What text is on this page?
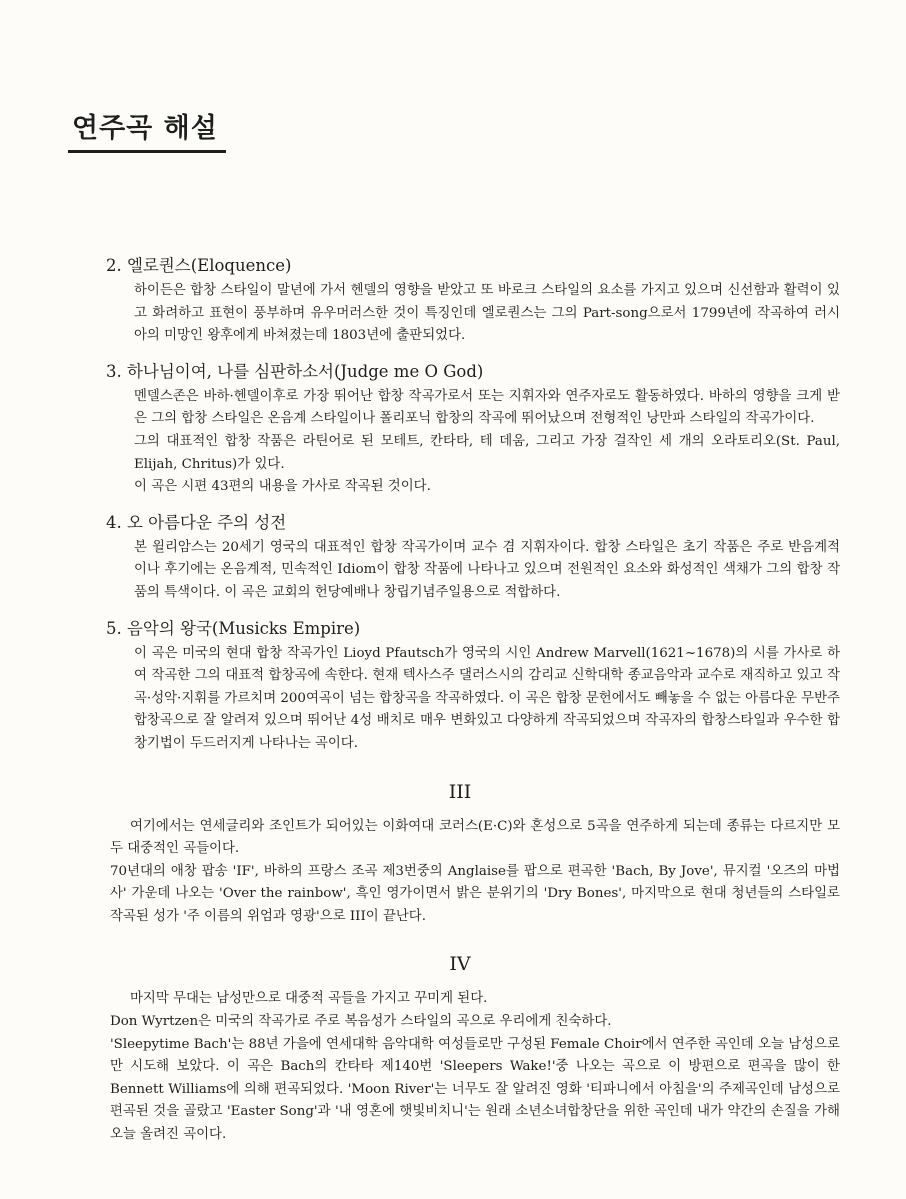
연주곡 해설
2. 엘로퀀스(Eloquence)

하이든은 합창 스타일이 말년에 가서 헨델의 영향을 받았고 또 바로크 스타일의 요소를 가지고 있으며 신선함과 활력이 있고 화려하고 표현이 풍부하며 유우머러스한 것이 특징인데 엘로퀀스는 그의 Part-song으로서 1799년에 작곡하여 러시아의 미망인 왕후에게 바쳐졌는데 1803년에 출판되었다.

3. 하나님이여, 나를 심판하소서(Judge me O God)

멘델스존은 바하·헨델이후로 가장 뛰어난 합창 작곡가로서 또는 지휘자와 연주자로도 활동하였다. 바하의 영향을 크게 받은 그의 합창 스타일은 온음계 스타일이나 폴리포닉 합창의 작곡에 뛰어났으며 전형적인 낭만파 스타일의 작곡가이다.

그의 대표적인 합창 작품은 라틴어로 된 모테트, 칸타타, 테 데움, 그리고 가장 걸작인 세 개의 오라토리오(St. Paul, Elijah, Chritus)가 있다.

이 곡은 시편 43편의 내용을 가사로 작곡된 것이다.

4. 오 아름다운 주의 성전

본 윌리암스는 20세기 영국의 대표적인 합창 작곡가이며 교수 겸 지휘자이다. 합창 스타일은 초기 작품은 주로 반음계적이나 후기에는 온음계적, 민속적인 Idiom이 합창 작품에 나타나고 있으며 전원적인 요소와 화성적인 색채가 그의 합창 작품의 특색이다. 이 곡은 교회의 헌당예배나 창립기념주일용으로 적합하다.

5. 음악의 왕국(Musicks Empire)

이 곡은 미국의 현대 합창 작곡가인 Lioyd Pfautsch가 영국의 시인 Andrew Marvell(1621~1678)의 시를 가사로 하여 작곡한 그의 대표적 합창곡에 속한다. 현재 텍사스주 댈러스시의 감리교 신학대학 종교음악과 교수로 재직하고 있고 작곡·성악·지휘를 가르치며 200여곡이 넘는 합창곡을 작곡하였다. 이 곡은 합창 문헌에서도 빼놓을 수 없는 아름다운 무반주 합창곡으로 잘 알려져 있으며 뛰어난 4성 배치로 매우 변화있고 다양하게 작곡되었으며 작곡자의 합창스타일과 우수한 합창기법이 두드러지게 나타나는 곡이다.

III

여기에서는 연세글리와 조인트가 되어있는 이화여대 코러스(E·C)와 혼성으로 5곡을 연주하게 되는데 종류는 다르지만 모두 대중적인 곡들이다.

70년대의 애창 팝송 'IF', 바하의 프랑스 조곡 제3번중의 Anglaise를 팝으로 편곡한 'Bach, By Jove', 뮤지컬 '오즈의 마법사' 가운데 나오는 'Over the rainbow', 흑인 영가이면서 밝은 분위기의 'Dry Bones', 마지막으로 현대 청년들의 스타일로 작곡된 성가 '주 이름의 위엄과 영광'으로 III이 끝난다.

IV

마지막 무대는 남성만으로 대중적 곡들을 가지고 꾸미게 된다.

Don Wyrtzen은 미국의 작곡가로 주로 복음성가 스타일의 곡으로 우리에게 친숙하다.

'Sleepytime Bach'는 88년 가을에 연세대학 음악대학 여성들로만 구성된 Female Choir에서 연주한 곡인데 오늘 남성으로만 시도해 보았다. 이 곡은 Bach의 칸타타 제140번 'Sleepers Wake!'중 나오는 곡으로 이 방편으로 편곡을 많이 한 Bennett Williams에 의해 편곡되었다. 'Moon River'는 너무도 잘 알려진 영화 '티파니에서 아침을'의 주제곡인데 남성으로 편곡된 것을 골랐고 'Easter Song'과 '내 영혼에 햇빛비치니'는 원래 소년소녀합창단을 위한 곡인데 내가 약간의 손질을 가해 오늘 올려진 곡이다.
